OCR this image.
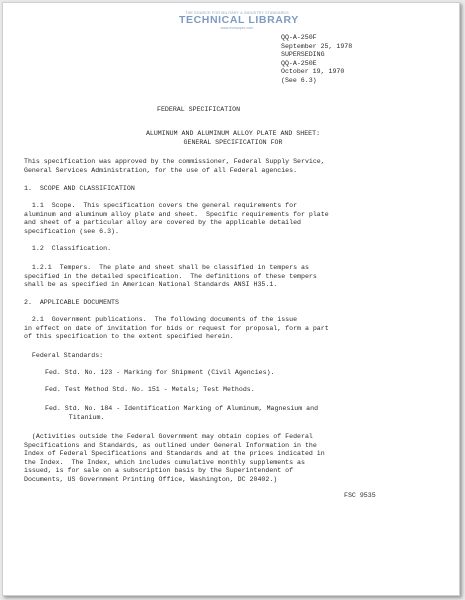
THE SOURCE FOR MILITARY & INDUSTRY STANDARDS
TECHNICAL LIBRARY
www.everyspec.com
QQ-A-250F
September 25, 1978
SUPERSEDING
QQ-A-250E
October 19, 1970
(See 6.3)
FEDERAL SPECIFICATION
ALUMINUM AND ALUMINUM ALLOY PLATE AND SHEET:
GENERAL SPECIFICATION FOR
This specification was approved by the commissioner, Federal Supply Service,
General Services Administration, for the use of all Federal agencies.
1.  SCOPE AND CLASSIFICATION
1.1  Scope.  This specification covers the general requirements for
aluminum and aluminum alloy plate and sheet.  Specific requirements for plate
and sheet of a particular alloy are covered by the applicable detailed
specification (see 6.3).
1.2  Classification.
1.2.1  Tempers.  The plate and sheet shall be classified in tempers as
specified in the detailed specification.  The definitions of these tempers
shall be as specified in American National Standards ANSI H35.1.
2.  APPLICABLE DOCUMENTS
2.1  Government publications.  The following documents of the issue
in effect on date of invitation for bids or request for proposal, form a part
of this specification to the extent specified herein.
Federal Standards:
Fed. Std. No. 123 - Marking for Shipment (Civil Agencies).
Fed. Test Method Std. No. 151 - Metals; Test Methods.
Fed. Std. No. 184 - Identification Marking of Aluminum, Magnesium and
Titanium.
(Activities outside the Federal Government may obtain copies of Federal
Specifications and Standards, as outlined under General Information in the
Index of Federal Specifications and Standards and at the prices indicated in
the Index.  The Index, which includes cumulative monthly supplements as
issued, is for sale on a subscription basis by the Superintendent of
Documents, US Government Printing Office, Washington, DC 20402.)
FSC 9535
